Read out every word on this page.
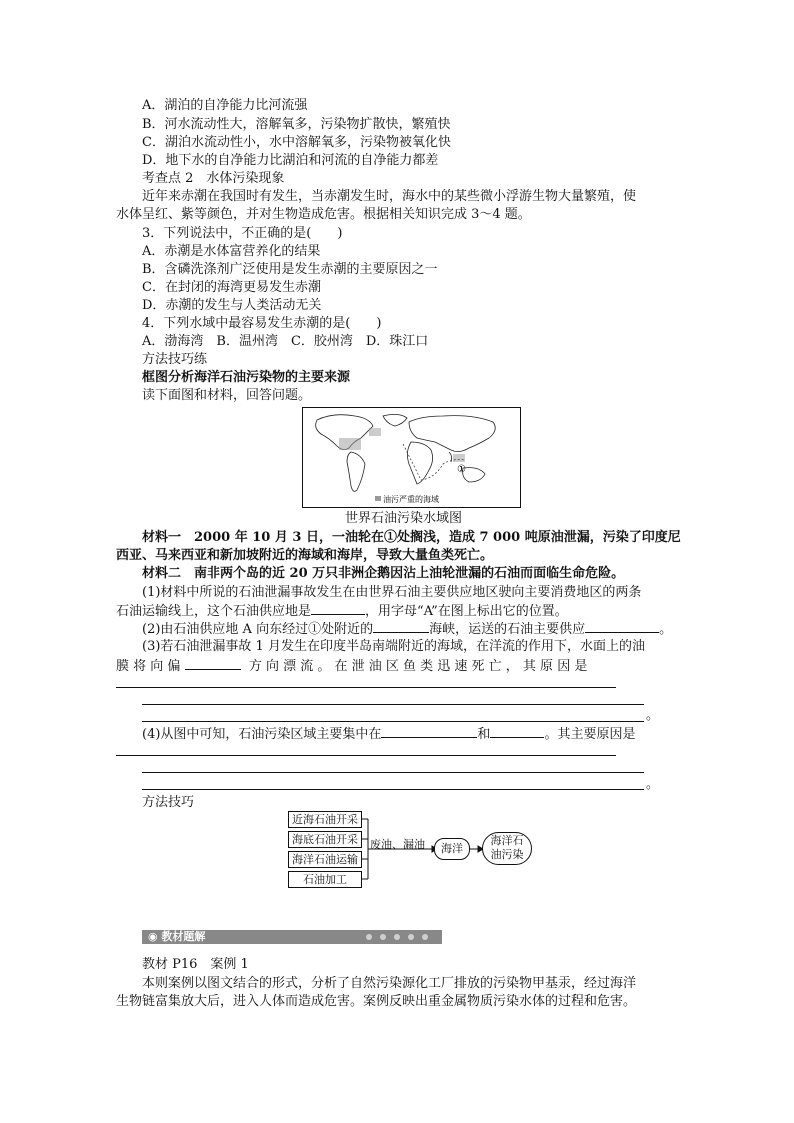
A．湖泊的自净能力比河流强
B．河水流动性大，溶解氧多，污染物扩散快，繁殖快
C．湖泊水流动性小，水中溶解氧多，污染物被氧化快
D．地下水的自净能力比湖泊和河流的自净能力都差
考查点 2　水体污染现象
近年来赤潮在我国时有发生，当赤潮发生时，海水中的某些微小浮游生物大量繁殖，使
水体呈红、紫等颜色，并对生物造成危害。根据相关知识完成 3～4 题。
3．下列说法中，不正确的是(　　)
A．赤潮是水体富营养化的结果
B．含磷洗涤剂广泛使用是发生赤潮的主要原因之一
C．在封闭的海湾更易发生赤潮
D．赤潮的发生与人类活动无关
4．下列水域中最容易发生赤潮的是(　　)
A．渤海湾　B．温州湾　C．胶州湾　D．珠江口
方法技巧练
框图分析海洋石油污染物的主要来源
读下面图和材料，回答问题。
①
油污严重的海域
世界石油污染水域图
材料一　2000 年 10 月 3 日，一油轮在①处搁浅，造成 7 000 吨原油泄漏，污染了印度尼
西亚、马来西亚和新加坡附近的海域和海岸，导致大量鱼类死亡。
材料二　南非两个岛的近 20 万只非洲企鹅因沾上油轮泄漏的石油而面临生命危险。
(1)材料中所说的石油泄漏事故发生在由世界石油主要供应地区驶向主要消费地区的两条
石油运输线上，这个石油供应地是	，用字母“A”在图上标出它的位置。
(2)由石油供应地 A 向东经过①处附近的	海峡，运送的石油主要供应	。
(3)若石油泄漏事故 1 月发生在印度半岛南端附近的海域，在洋流的作用下，水面上的油
膜 将 向 偏	方 向 漂 流 。 在 泄 油 区 鱼 类 迅 速 死 亡 ， 其 原 因 是
。
(4)从图中可知，石油污染区域主要集中在	和	。其主要原因是
。
方法技巧
近海石油开采
海底石油开采
海洋石油运输
石油加工
废油、漏油	海洋
海洋石
油污染
◉ 教材题解
教材 P16　案例 1
本则案例以图文结合的形式，分析了自然污染源化工厂排放的污染物甲基汞，经过海洋
生物链富集放大后，进入人体而造成危害。案例反映出重金属物质污染水体的过程和危害。
